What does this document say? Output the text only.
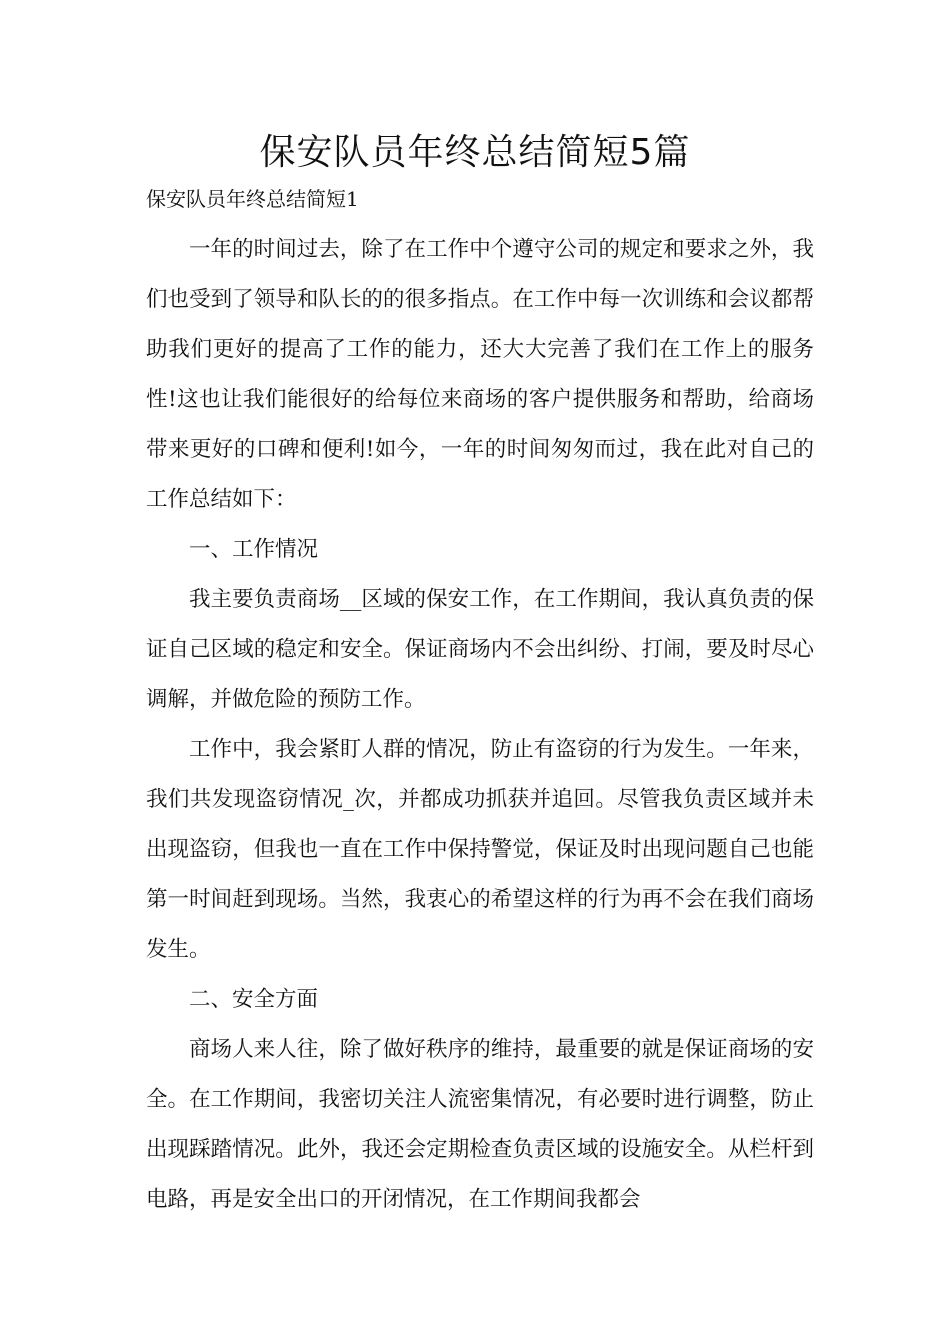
保安队员年终总结简短5篇

保安队员年终总结简短1

一年的时间过去，除了在工作中个遵守公司的规定和要求之外，我们也受到了领导和队长的的很多指点。在工作中每一次训练和会议都帮助我们更好的提高了工作的能力，还大大完善了我们在工作上的服务性!这也让我们能很好的给每位来商场的客户提供服务和帮助，给商场带来更好的口碑和便利!如今，一年的时间匆匆而过，我在此对自己的工作总结如下：

一、工作情况

我主要负责商场__区域的保安工作，在工作期间，我认真负责的保证自己区域的稳定和安全。保证商场内不会出纠纷、打闹，要及时尽心调解，并做危险的预防工作。

工作中，我会紧盯人群的情况，防止有盗窃的行为发生。一年来，我们共发现盗窃情况_次，并都成功抓获并追回。尽管我负责区域并未出现盗窃，但我也一直在工作中保持警觉，保证及时出现问题自己也能第一时间赶到现场。当然，我衷心的希望这样的行为再不会在我们商场发生。

二、安全方面

商场人来人往，除了做好秩序的维持，最重要的就是保证商场的安全。在工作期间，我密切关注人流密集情况，有必要时进行调整，防止出现踩踏情况。此外，我还会定期检查负责区域的设施安全。从栏杆到电路，再是安全出口的开闭情况，在工作期间我都会
